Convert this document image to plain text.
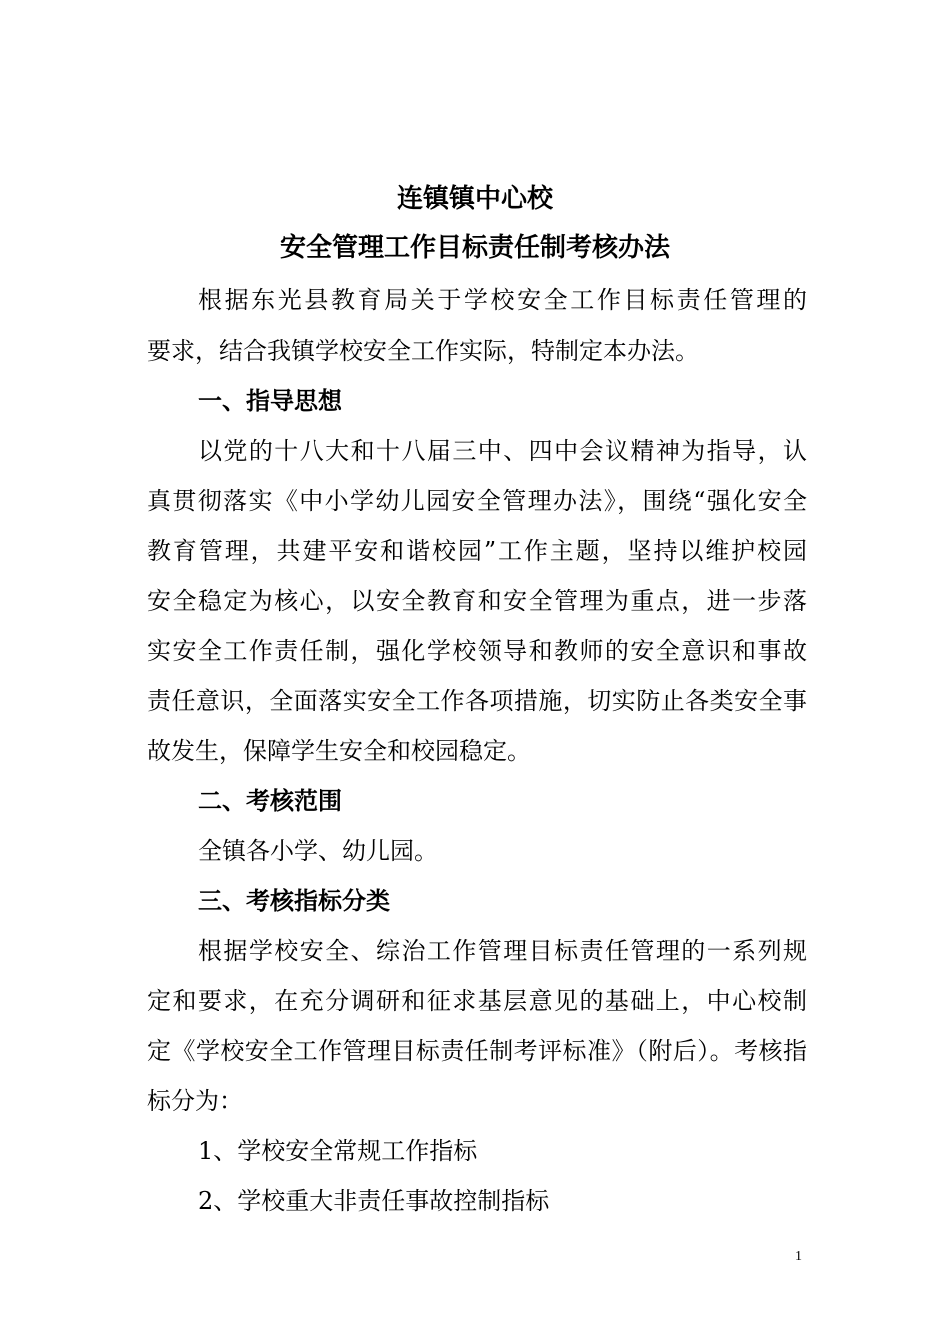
连镇镇中心校
安全管理工作目标责任制考核办法
根据东光县教育局关于学校安全工作目标责任管理的
要求，结合我镇学校安全工作实际，特制定本办法。
一、指导思想
以党的十八大和十八届三中、四中会议精神为指导，认
真贯彻落实《中小学幼儿园安全管理办法》，围绕“强化安全
教育管理，共建平安和谐校园”工作主题，坚持以维护校园
安全稳定为核心，以安全教育和安全管理为重点，进一步落
实安全工作责任制，强化学校领导和教师的安全意识和事故
责任意识，全面落实安全工作各项措施，切实防止各类安全事
故发生，保障学生安全和校园稳定。
二、考核范围
全镇各小学、幼儿园。
三、考核指标分类
根据学校安全、综治工作管理目标责任管理的一系列规
定和要求，在充分调研和征求基层意见的基础上，中心校制
定《学校安全工作管理目标责任制考评标准》（附后）。考核指
标分为：
1、学校安全常规工作指标
2、学校重大非责任事故控制指标
1
